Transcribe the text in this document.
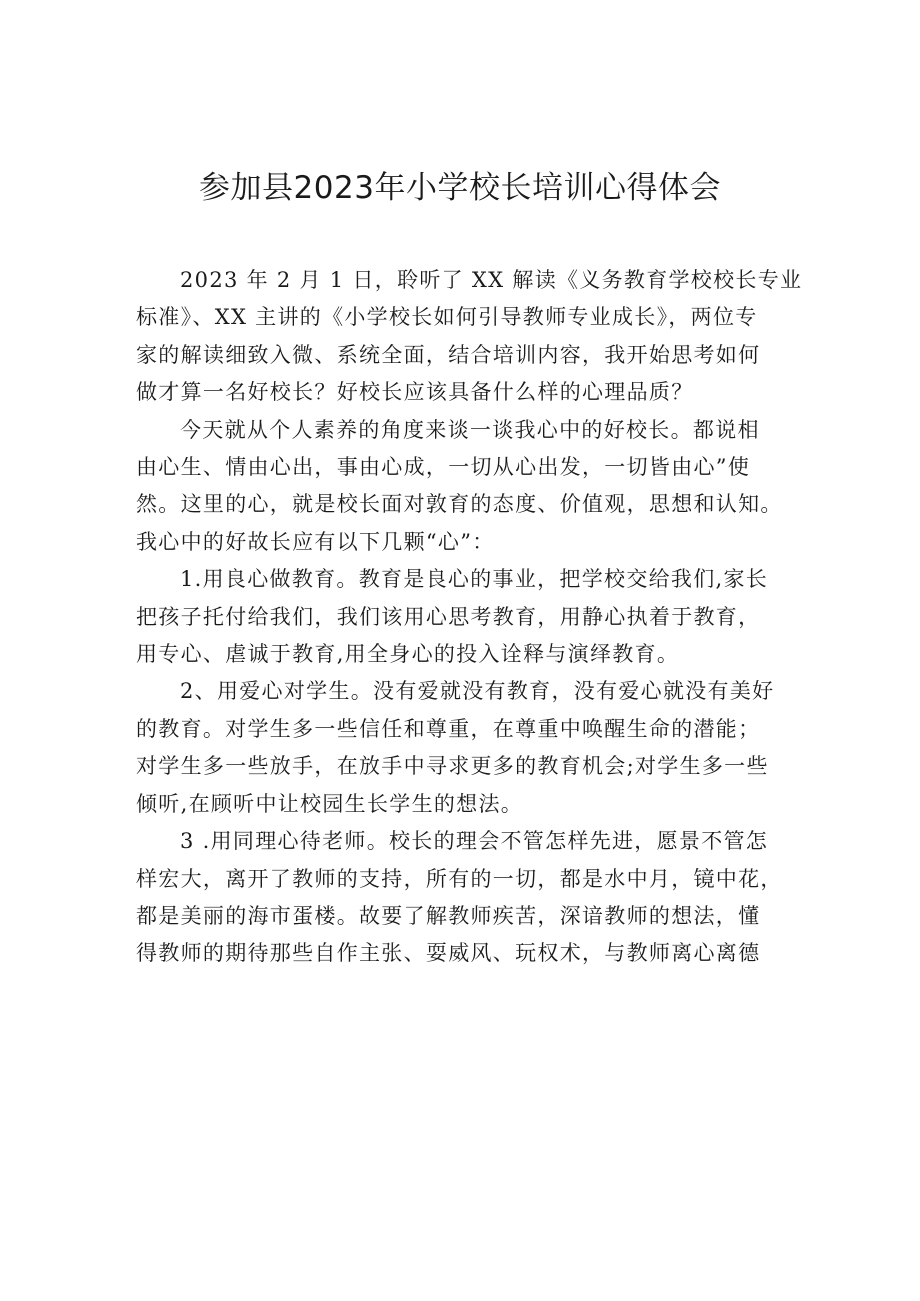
参加县2023年小学校长培训心得体会

2023 年 2 月 1 日，聆听了 XX 解读《义务教育学校校长专业
标准》、XX 主讲的《小学校长如何引导教师专业成长》，两位专
家的解读细致入微、系统全面，结合培训内容，我开始思考如何
做才算一名好校长？好校长应该具备什么样的心理品质？

今天就从个人素养的角度来谈一谈我心中的好校长。都说相
由心生、情由心出，事由心成，一切从心出发，一切皆由心”使
然。这里的心，就是校长面对敦育的态度、价值观，思想和认知。
我心中的好故长应有以下几颗“心”：

1.用良心做教育。教育是良心的事业，把学校交给我们,家长
把孩子托付给我们，我们该用心思考教育，用静心执着于教育，
用专心、虐诚于教育,用全身心的投入诠释与演绎教育。

2、用爱心对学生。没有爱就没有教育，没有爱心就没有美好
的教育。对学生多一些信任和尊重，在尊重中唤醒生命的潜能；
对学生多一些放手，在放手中寻求更多的教育机会;对学生多一些
倾听,在顾听中让校园生长学生的想法。

3 .用同理心待老师。校长的理会不管怎样先进，愿景不管怎
样宏大，离开了教师的支持，所有的一切，都是水中月，镜中花，
都是美丽的海市蛋楼。故要了解教师疾苦，深谙教师的想法，懂
得教师的期待那些自作主张、耍威风、玩权术，与教师离心离德
